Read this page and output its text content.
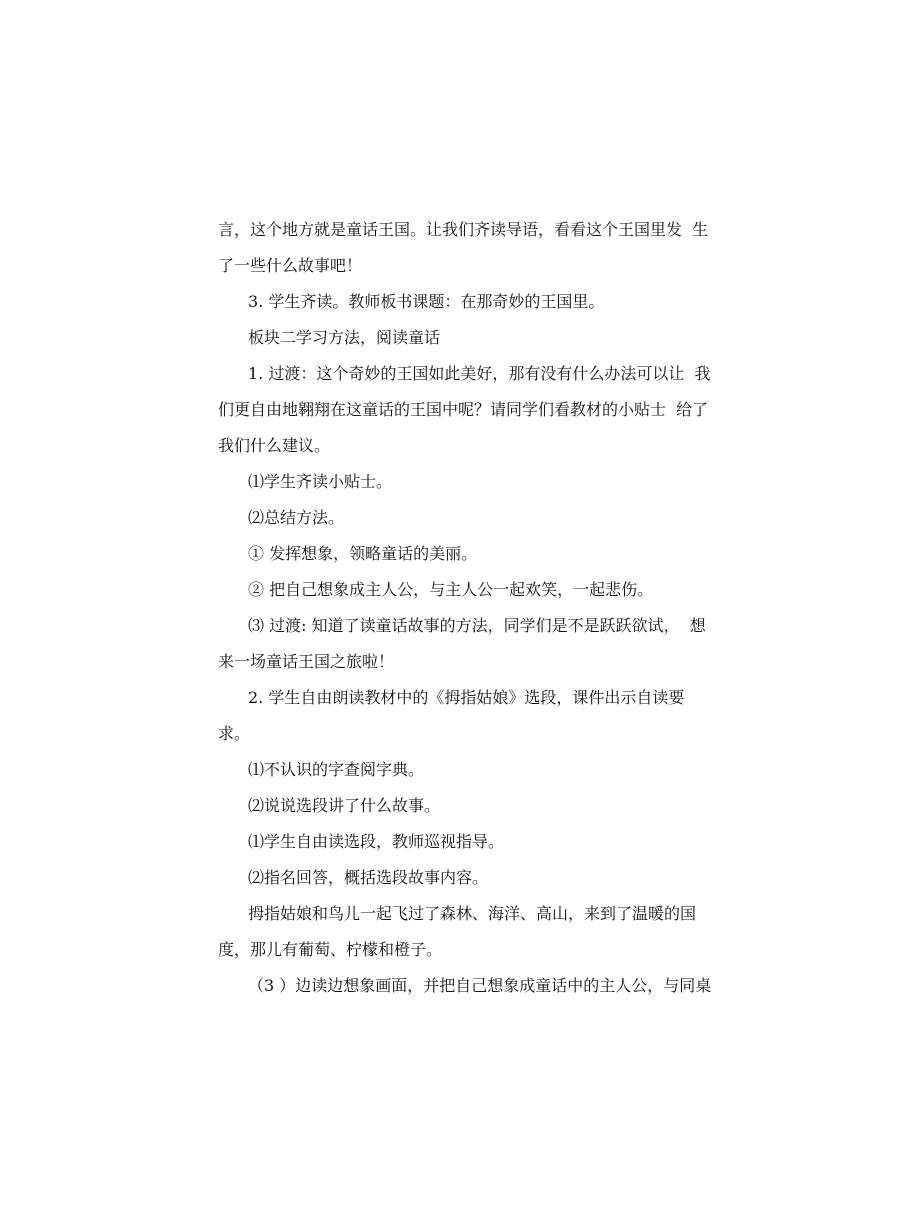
言，这个地方就是童话王国。让我们齐读导语，看看这个王国里发  生了一些什么故事吧！

3. 学生齐读。教师板书课题：在那奇妙的王国里。

板块二学习方法，阅读童话

1. 过渡：这个奇妙的王国如此美好，那有没有什么办法可以让  我们更自由地翱翔在这童话的王国中呢？请同学们看教材的小贴士  给了我们什么建议。

⑴学生齐读小贴士。

⑵总结方法。

① 发挥想象，领略童话的美丽。

② 把自己想象成主人公，与主人公一起欢笑，一起悲伤。

⑶ 过渡: 知道了读童话故事的方法，同学们是不是跃跃欲试，  想来一场童话王国之旅啦！

2. 学生自由朗读教材中的《拇指姑娘》选段，课件出示自读要  求。

⑴不认识的字查阅字典。

⑵说说选段讲了什么故事。

⑴学生自由读选段，教师巡视指导。

⑵指名回答，概括选段故事内容。

拇指姑娘和鸟儿一起飞过了森林、海洋、高山，来到了温暖的国度，那儿有葡萄、柠檬和橙子。

（3 ）边读边想象画面，并把自己想象成童话中的主人公，与同桌
